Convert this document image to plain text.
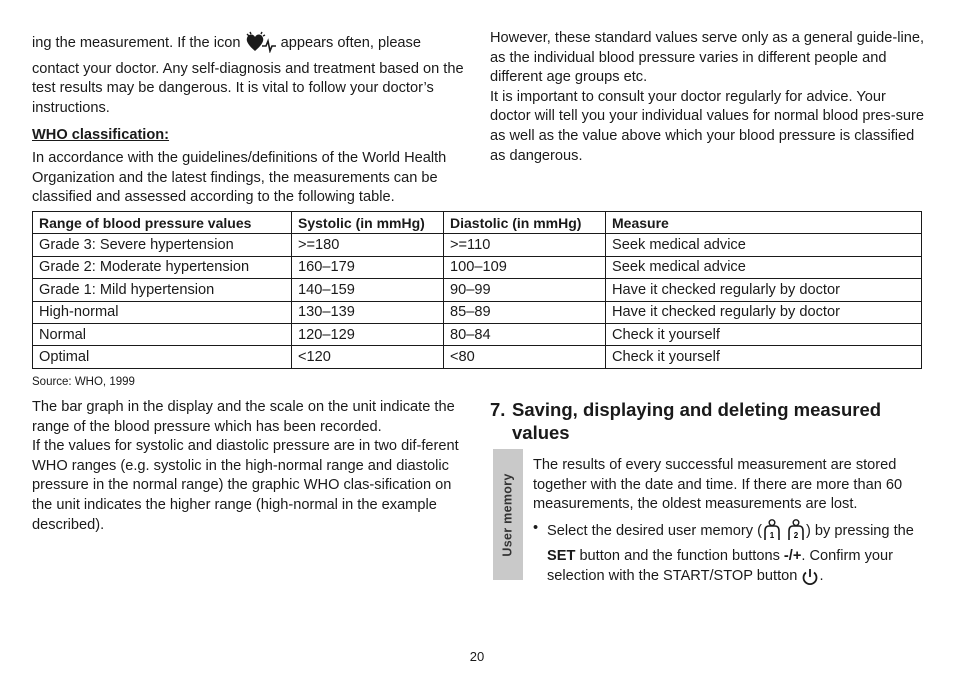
ing the measurement. If the icon  appears often, please contact your doctor. Any self-diagnosis and treatment based on the test results may be dangerous. It is vital to follow your doctor’s instructions.

WHO classification:

In accordance with the guidelines/definitions of the World Health Organization and the latest findings, the measurements can be classified and assessed according to the following table.

However, these standard values serve only as a general guide-line, as the individual blood pressure varies in different people and different age groups etc.

It is important to consult your doctor regularly for advice. Your doctor will tell you your individual values for normal blood pres-sure as well as the value above which your blood pressure is classified as dangerous.

Range of blood pressure values	Systolic (in mmHg)	Diastolic (in mmHg)	Measure
Grade 3: Severe hypertension	>=180	>=110	Seek medical advice
Grade 2: Moderate hypertension	160–179	100–109	Seek medical advice
Grade 1: Mild hypertension	140–159	90–99	Have it checked regularly by doctor
High-normal	130–139	85–89	Have it checked regularly by doctor
Normal	120–129	80–84	Check it yourself
Optimal	<120	<80	Check it yourself
Source: WHO, 1999

The bar graph in the display and the scale on the unit indicate the range of the blood pressure which has been recorded.

If the values for systolic and diastolic pressure are in two dif-ferent WHO ranges (e.g. systolic in the high-normal range and diastolic pressure in the normal range) the graphic WHO clas-sification on the unit indicates the higher range (high-normal in the example described).

7. Saving, displaying and deleting measured
values
User memory

The results of every successful measurement are stored together with the date and time. If there are more than 60 measurements, the oldest measurements are lost.

• Select the desired user memory ( 1
2 ) by pressing the SET button and the function buttons -/+. Confirm your selection with the START/STOP button .
20
